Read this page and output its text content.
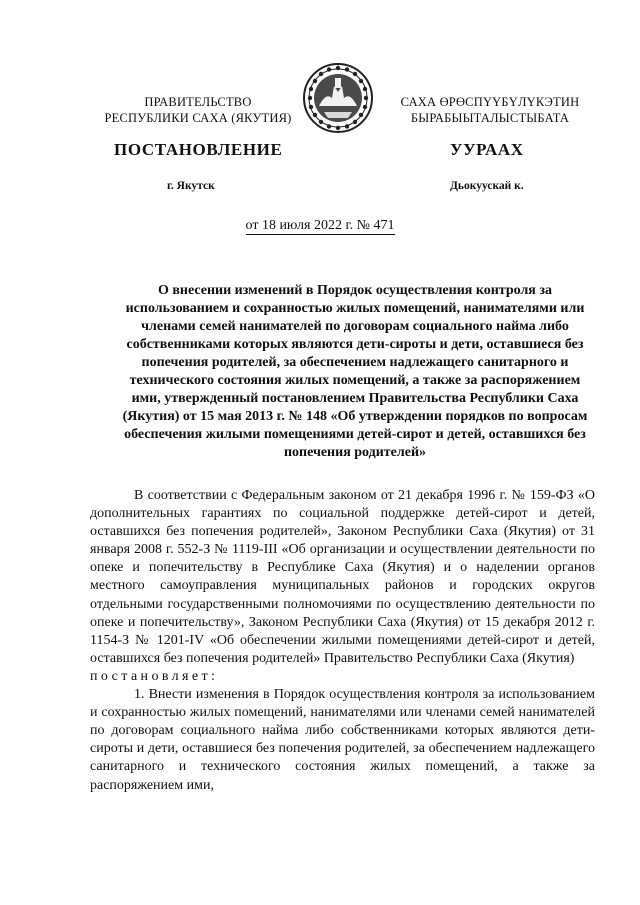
ПРАВИТЕЛЬСТВО
РЕСПУБЛИКИ САХА (ЯКУТИЯ)
САХА ӨРӨСПҮҮБҮЛҮКЭТИН
БЫРАБЫЫТАЛЫСТЫБАТА
ПОСТАНОВЛЕНИЕ	УУРААХ
г. Якутск	Дьокуускай к.
от 18 июля 2022 г. № 471
О внесении изменений в Порядок осуществления контроля за использованием и сохранностью жилых помещений, нанимателями или членами семей нанимателей по договорам социального найма либо собственниками которых являются дети-сироты и дети, оставшиеся без попечения родителей, за обеспечением надлежащего санитарного и технического состояния жилых помещений, а также за распоряжением ими, утвержденный постановлением Правительства Республики Саха (Якутия) от 15 мая 2013 г. № 148 «Об утверждении порядков по вопросам обеспечения жилыми помещениями детей-сирот и детей, оставшихся без попечения родителей»

В соответствии с Федеральным законом от 21 декабря 1996 г. № 159-ФЗ «О дополнительных гарантиях по социальной поддержке детей-сирот и детей, оставшихся без попечения родителей», Законом Республики Саха (Якутия) от 31 января 2008 г. 552-З № 1119-III «Об организации и осуществлении деятельности по опеке и попечительству в Республике Саха (Якутия) и о наделении органов местного самоуправления муниципальных районов и городских округов отдельными государственными полномочиями по осуществлению деятельности по опеке и попечительству», Законом Республики Саха (Якутия) от 15 декабря 2012 г. 1154-З № 1201-IV «Об обеспечении жилыми помещениями детей-сирот и детей, оставшихся без попечения родителей» Правительство Республики Саха (Якутия)

постановляет:

1. Внести изменения в Порядок осуществления контроля за использованием и сохранностью жилых помещений, нанимателями или членами семей нанимателей по договорам социального найма либо собственниками которых являются дети-сироты и дети, оставшиеся без попечения родителей, за обеспечением надлежащего санитарного и технического состояния жилых помещений, а также за распоряжением ими,
